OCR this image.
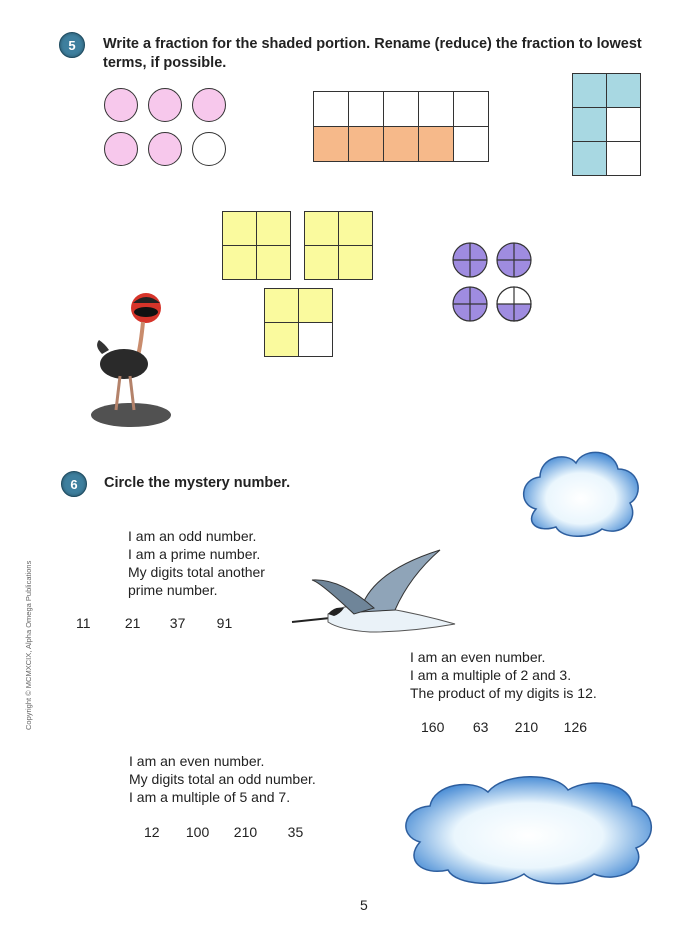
5 Write a fraction for the shaded portion. Rename (reduce) the fraction to lowest
terms, if possible.

6 Circle the mystery number.
I am an odd number.
I am a prime number.
My digits total another
prime number.
11 21 37 91
I am an even number.
I am a multiple of 2 and 3.
The product of my digits is 12.
160 63 210 126
I am an even number.
My digits total an odd number.
I am a multiple of 5 and 7.
12 100 210 35
Copyright © MCMXCIX, Alpha Omega Publications
5
